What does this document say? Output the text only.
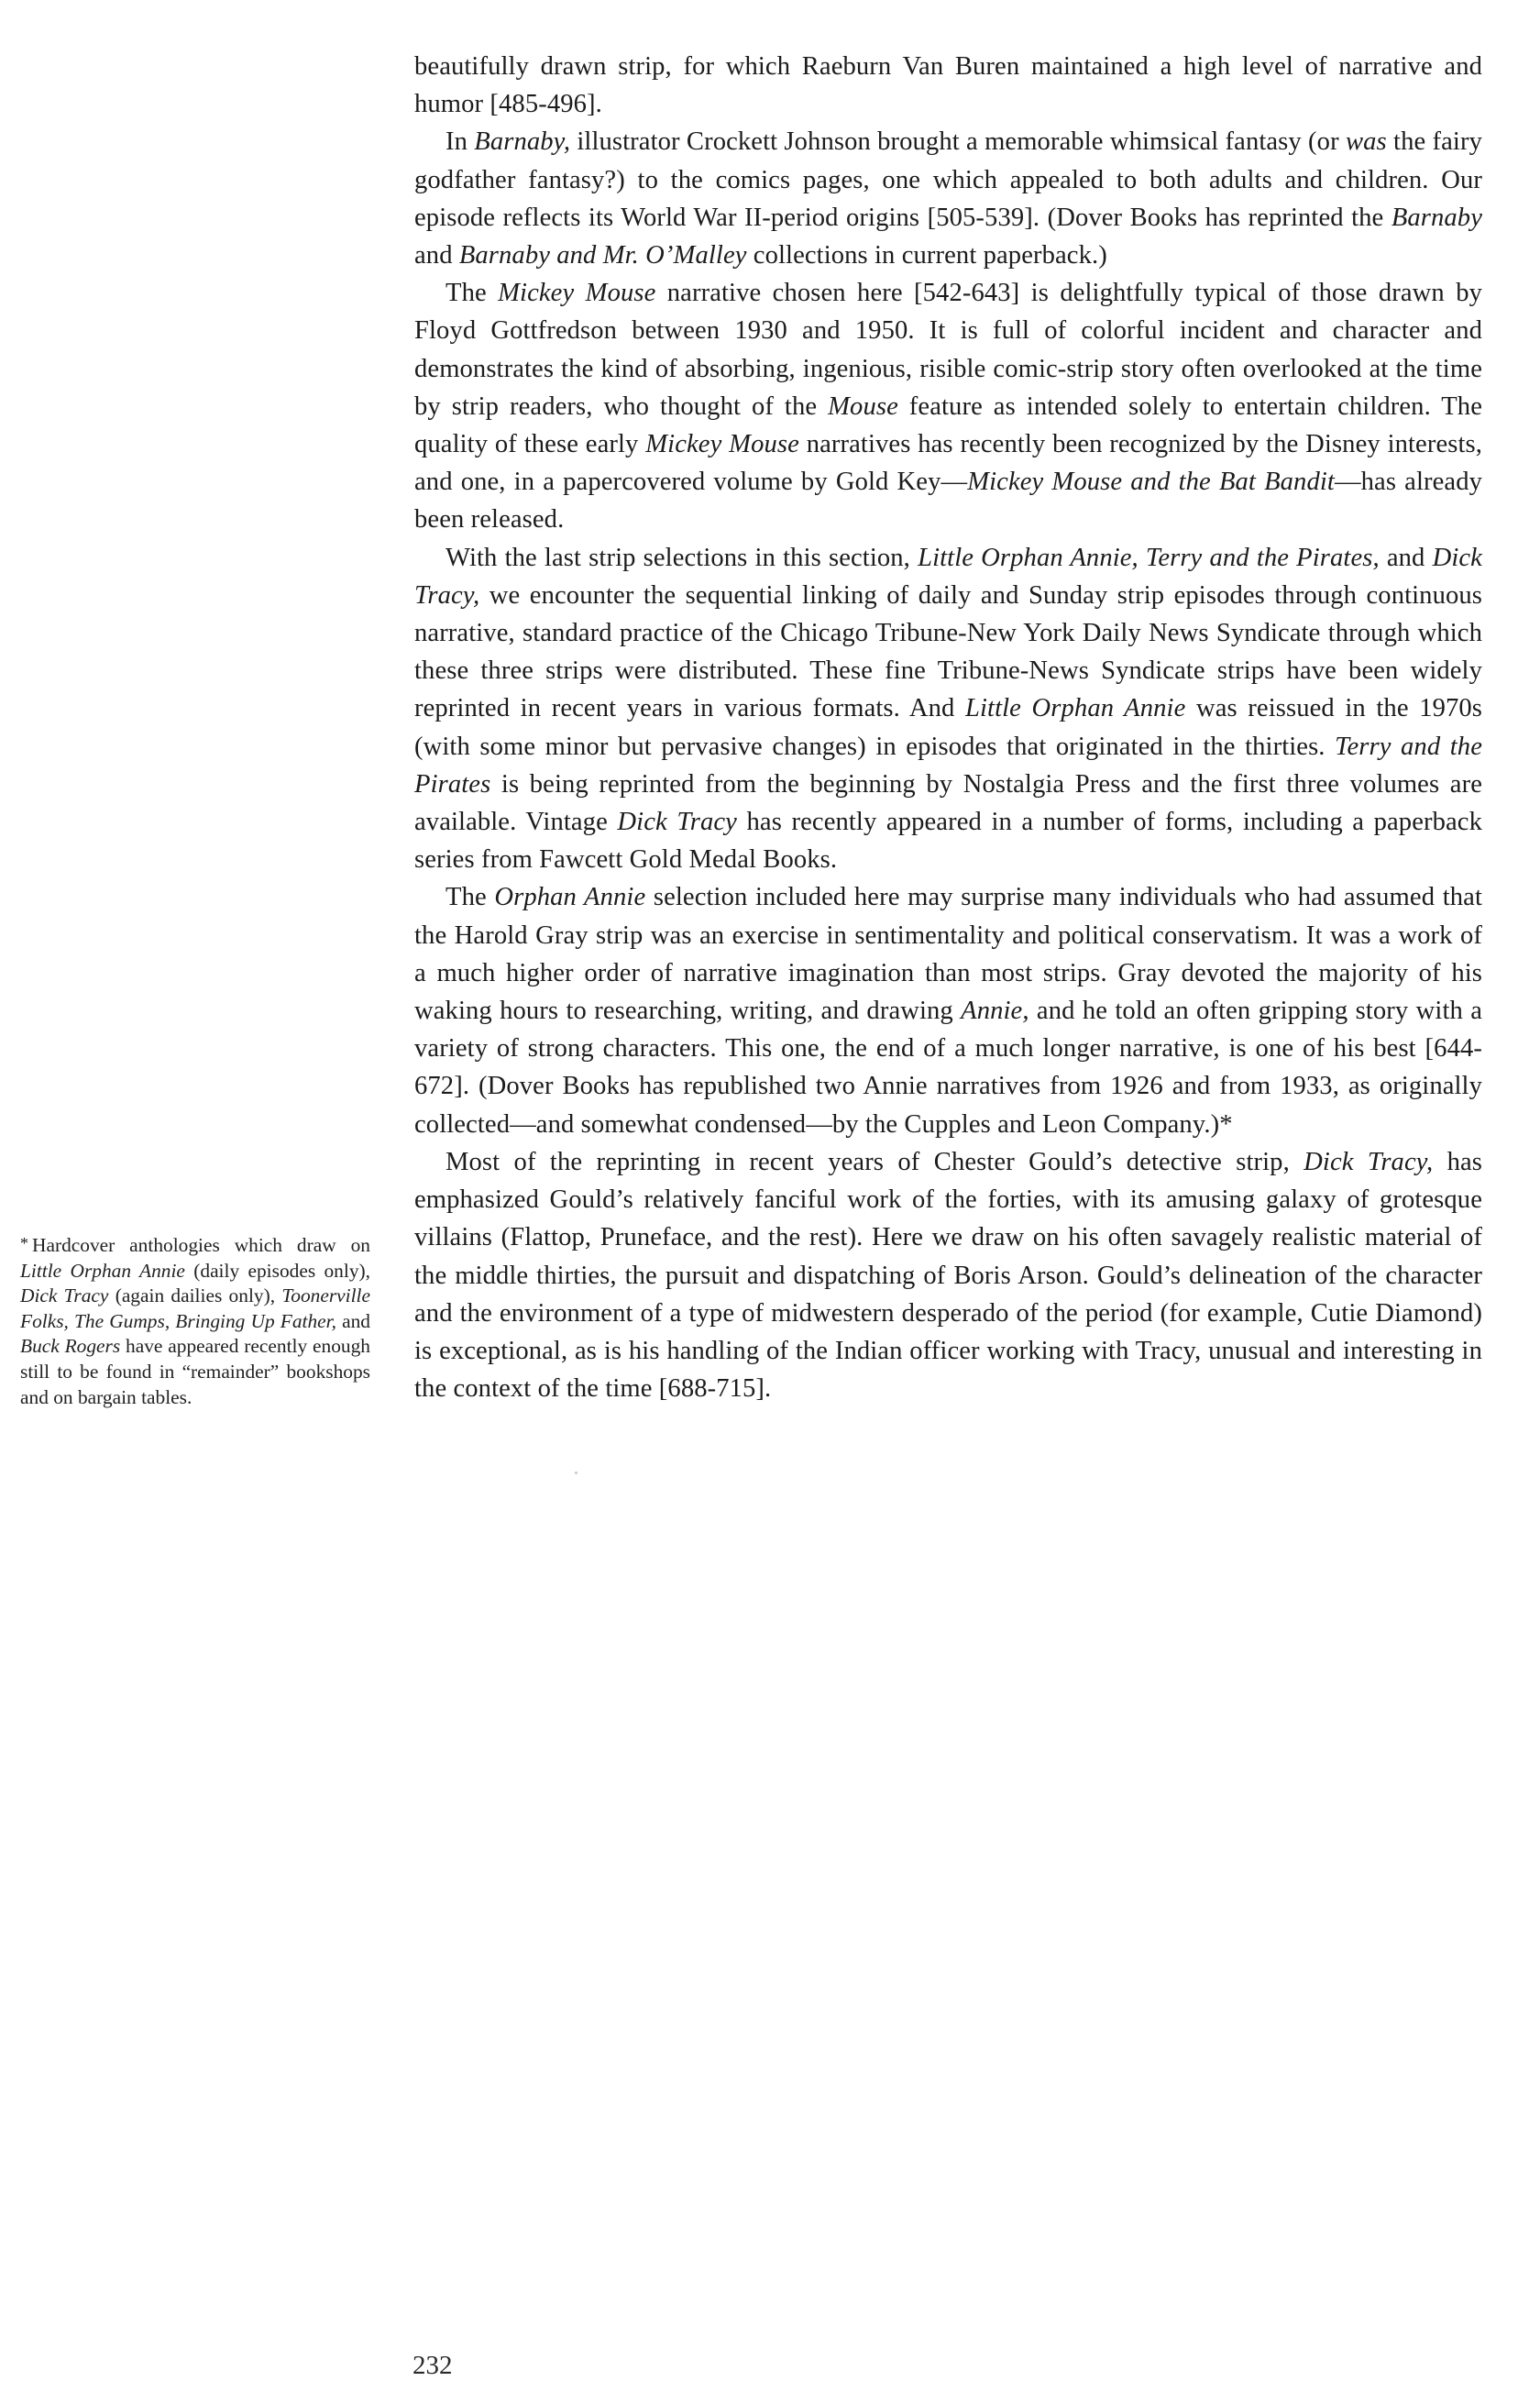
beautifully drawn strip, for which Raeburn Van Buren maintained a high level of narrative and humor [485-496].

In Barnaby, illustrator Crockett Johnson brought a memorable whimsical fantasy (or was the fairy godfather fantasy?) to the comics pages, one which appealed to both adults and children. Our episode reflects its World War II-period origins [505-539]. (Dover Books has reprinted the Barnaby and Barnaby and Mr. O’Malley collections in current paperback.)

The Mickey Mouse narrative chosen here [542-643] is delightfully typical of those drawn by Floyd Gottfredson between 1930 and 1950. It is full of colorful incident and character and demonstrates the kind of absorbing, ingenious, risible comic-strip story often overlooked at the time by strip readers, who thought of the Mouse feature as intended solely to entertain children. The quality of these early Mickey Mouse narratives has recently been recognized by the Disney interests, and one, in a papercovered volume by Gold Key—Mickey Mouse and the Bat Bandit—has already been released.

With the last strip selections in this section, Little Orphan Annie, Terry and the Pirates, and Dick Tracy, we encounter the sequential linking of daily and Sunday strip episodes through continuous narrative, standard practice of the Chicago Tribune-New York Daily News Syndicate through which these three strips were distributed. These fine Tribune-News Syndicate strips have been widely reprinted in recent years in various formats. And Little Orphan Annie was reissued in the 1970s (with some minor but pervasive changes) in episodes that originated in the thirties. Terry and the Pirates is being reprinted from the beginning by Nostalgia Press and the first three volumes are available. Vintage Dick Tracy has recently appeared in a number of forms, including a paperback series from Fawcett Gold Medal Books.

The Orphan Annie selection included here may surprise many individuals who had assumed that the Harold Gray strip was an exercise in sentimentality and political conservatism. It was a work of a much higher order of narrative imagination than most strips. Gray devoted the majority of his waking hours to researching, writing, and drawing Annie, and he told an often gripping story with a variety of strong characters. This one, the end of a much longer narrative, is one of his best [644-672]. (Dover Books has republished two Annie narratives from 1926 and from 1933, as originally collected—and somewhat condensed—by the Cupples and Leon Company.)*

Most of the reprinting in recent years of Chester Gould’s detective strip, Dick Tracy, has emphasized Gould’s relatively fanciful work of the forties, with its amusing galaxy of grotesque villains (Flattop, Pruneface, and the rest). Here we draw on his often savagely realistic material of the middle thirties, the pursuit and dispatching of Boris Arson. Gould’s delineation of the character and the environment of a type of midwestern desperado of the period (for example, Cutie Diamond) is exceptional, as is his handling of the Indian officer working with Tracy, unusual and interesting in the context of the time [688-715].

* Hardcover anthologies which draw on Little Orphan Annie (daily episodes only), Dick Tracy (again dailies only), Toonerville Folks, The Gumps, Bringing Up Father, and Buck Rogers have appeared recently enough still to be found in “remainder” bookshops and on bargain tables.
232
